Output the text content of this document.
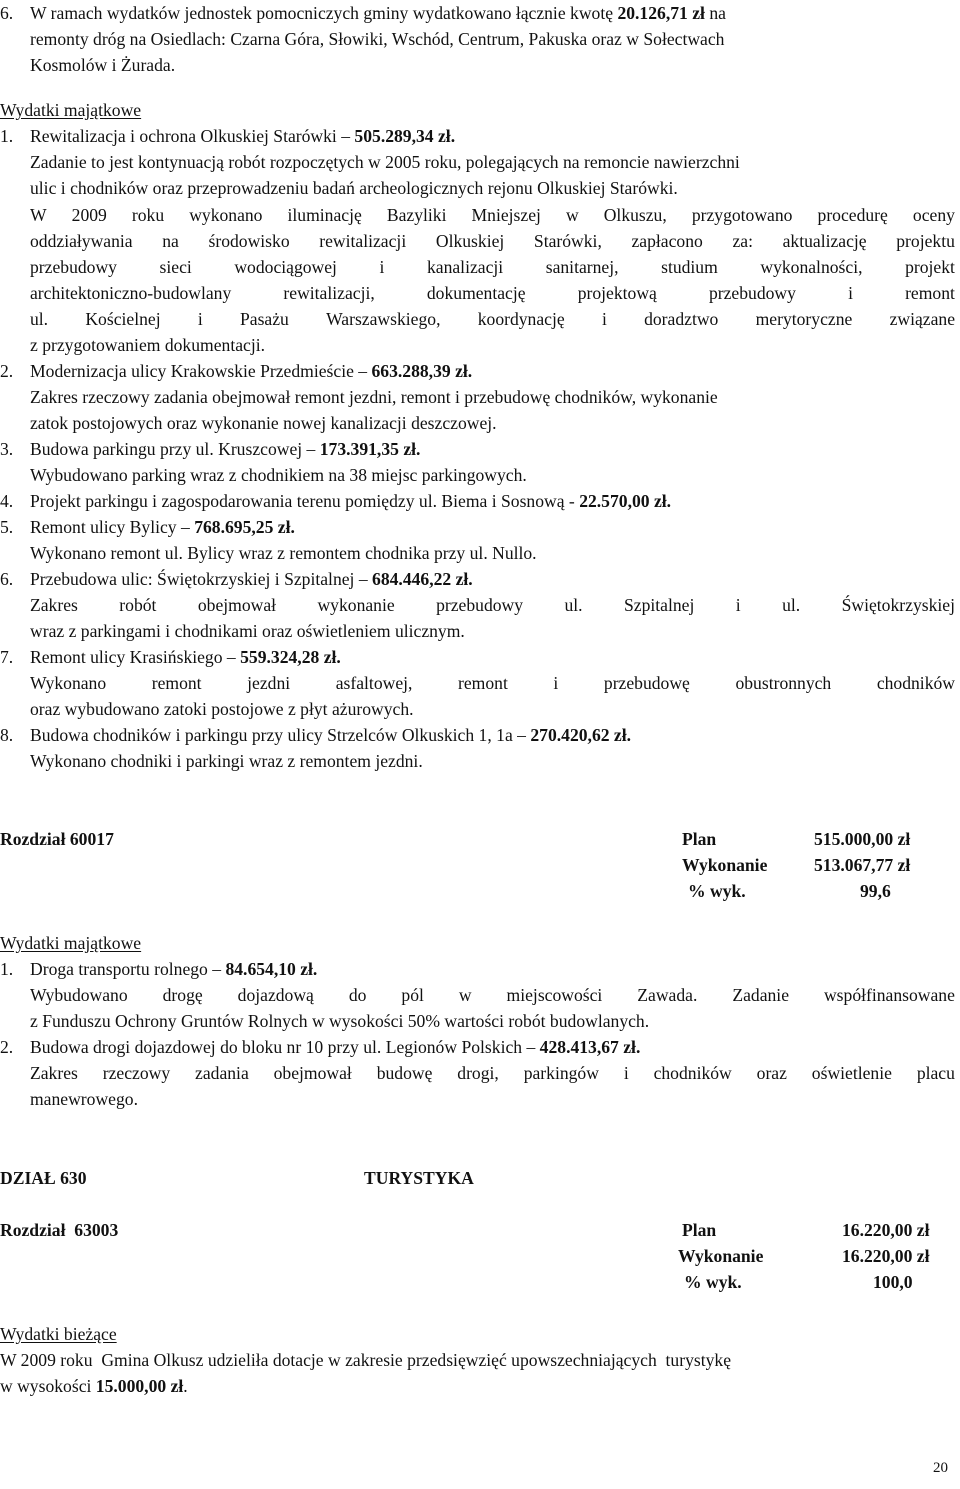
6. W ramach wydatków jednostek pomocniczych gminy wydatkowano łącznie kwotę 20.126,71 zł na
remonty dróg na Osiedlach: Czarna Góra, Słowiki, Wschód, Centrum, Pakuska oraz w Sołectwach
Kosmolów i Żurada.
Wydatki majątkowe
1. Rewitalizacja i ochrona Olkuskiej Starówki – 505.289,34 zł.
Zadanie to jest kontynuacją robót rozpoczętych w 2005 roku, polegających na remoncie nawierzchni
ulic i chodników oraz przeprowadzeniu badań archeologicznych rejonu Olkuskiej Starówki.
W 2009 roku wykonano iluminację Bazyliki Mniejszej w Olkuszu, przygotowano procedurę oceny
oddziaływania na środowisko rewitalizacji Olkuskiej Starówki, zapłacono za: aktualizację projektu
przebudowy sieci wodociągowej i kanalizacji sanitarnej, studium wykonalności, projekt
architektoniczno-budowlany	rewitalizacji,	dokumentację	projektową	przebudowy	i	remont
ul. Kościelnej i Pasażu Warszawskiego, koordynację i doradztwo merytoryczne związane
z przygotowaniem dokumentacji.
2. Modernizacja ulicy Krakowskie Przedmieście – 663.288,39 zł.
Zakres rzeczowy zadania obejmował remont jezdni, remont i przebudowę chodników, wykonanie
zatok postojowych oraz wykonanie nowej kanalizacji deszczowej.
3. Budowa parkingu przy ul. Kruszcowej – 173.391,35 zł.
Wybudowano parking wraz z chodnikiem na 38 miejsc parkingowych.
4. Projekt parkingu i zagospodarowania terenu pomiędzy ul. Biema i Sosnową - 22.570,00 zł.
5. Remont ulicy Bylicy – 768.695,25 zł.
Wykonano remont ul. Bylicy wraz z remontem chodnika przy ul. Nullo.
6. Przebudowa ulic: Świętokrzyskiej i Szpitalnej – 684.446,22 zł.
Zakres robót obejmował wykonanie przebudowy ul. Szpitalnej i ul. Świętokrzyskiej
wraz z parkingami i chodnikami oraz oświetleniem ulicznym.
7. Remont ulicy Krasińskiego – 559.324,28 zł.
Wykonano	remont	jezdni	asfaltowej,	remont	i	przebudowę	obustronnych	chodników
oraz wybudowano zatoki postojowe z płyt ażurowych.
8. Budowa chodników i parkingu przy ulicy Strzelców Olkuskich 1, 1a – 270.420,62 zł.
Wykonano chodniki i parkingi wraz z remontem jezdni.
Rozdział 60017	Plan	515.000,00 zł
Wykonanie	513.067,77 zł
% wyk.	99,6
Wydatki majątkowe
1. Droga transportu rolnego – 84.654,10 zł.
Wybudowano drogę dojazdową do pól w miejscowości Zawada. Zadanie współfinansowane
z Funduszu Ochrony Gruntów Rolnych w wysokości 50% wartości robót budowlanych.
2. Budowa drogi dojazdowej do bloku nr 10 przy ul. Legionów Polskich – 428.413,67 zł.
Zakres rzeczowy zadania obejmował budowę drogi, parkingów i chodników oraz oświetlenie placu
manewrowego.
DZIAŁ 630	TURYSTYKA
Rozdział  63003	Plan	16.220,00 zł
Wykonanie	16.220,00 zł
% wyk.	100,0
Wydatki bieżące
W 2009 roku  Gmina Olkusz udzieliła dotacje w zakresie przedsięwzięć upowszechniających  turystykę
w wysokości 15.000,00 zł.
20
